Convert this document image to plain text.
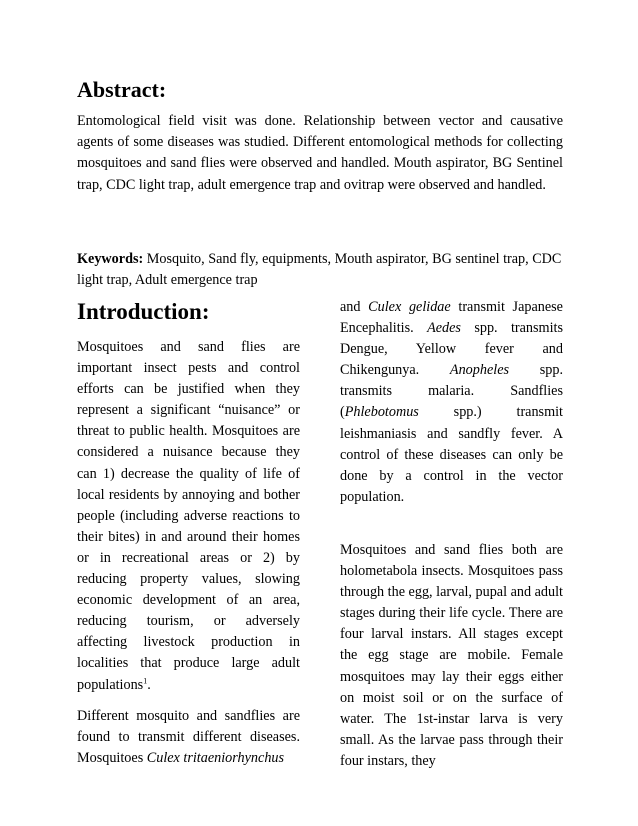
Abstract:

Entomological field visit was done. Relationship between vector and causative agents of some diseases was studied. Different entomological methods for collecting mosquitoes and sand flies were observed and handled. Mouth aspirator, BG Sentinel trap, CDC light trap, adult emergence trap and ovitrap were observed and handled.

Keywords: Mosquito, Sand fly, equipments, Mouth aspirator, BG sentinel trap, CDC light trap, Adult emergence trap

Introduction:

Mosquitoes and sand flies are important insect pests and control efforts can be justified when they represent a significant “nuisance” or threat to public health. Mosquitoes are considered a nuisance because they can 1) decrease the quality of life of local residents by annoying and bother people (including adverse reactions to their bites) in and around their homes or in recreational areas or 2) by reducing property values, slowing economic development of an area, reducing tourism, or adversely affecting livestock production in localities that produce large adult populations$^1$.

Different mosquito and sandflies are found to transmit different diseases. Mosquitoes Culex tritaeniorhynchus

and Culex gelidae transmit Japanese Encephalitis. Aedes spp. transmits Dengue, Yellow fever and Chikengunya. Anopheles spp. transmits malaria. Sandflies (Phlebotomus spp.) transmit leishmaniasis and sandfly fever. A control of these diseases can only be done by a control in the vector population.

Mosquitoes and sand flies both are holometabola insects. Mosquitoes pass through the egg, larval, pupal and adult stages during their life cycle. There are four larval instars. All stages except the egg stage are mobile. Female mosquitoes may lay their eggs either on moist soil or on the surface of water. The 1st-instar larva is very small. As the larvae pass through their four instars, they
